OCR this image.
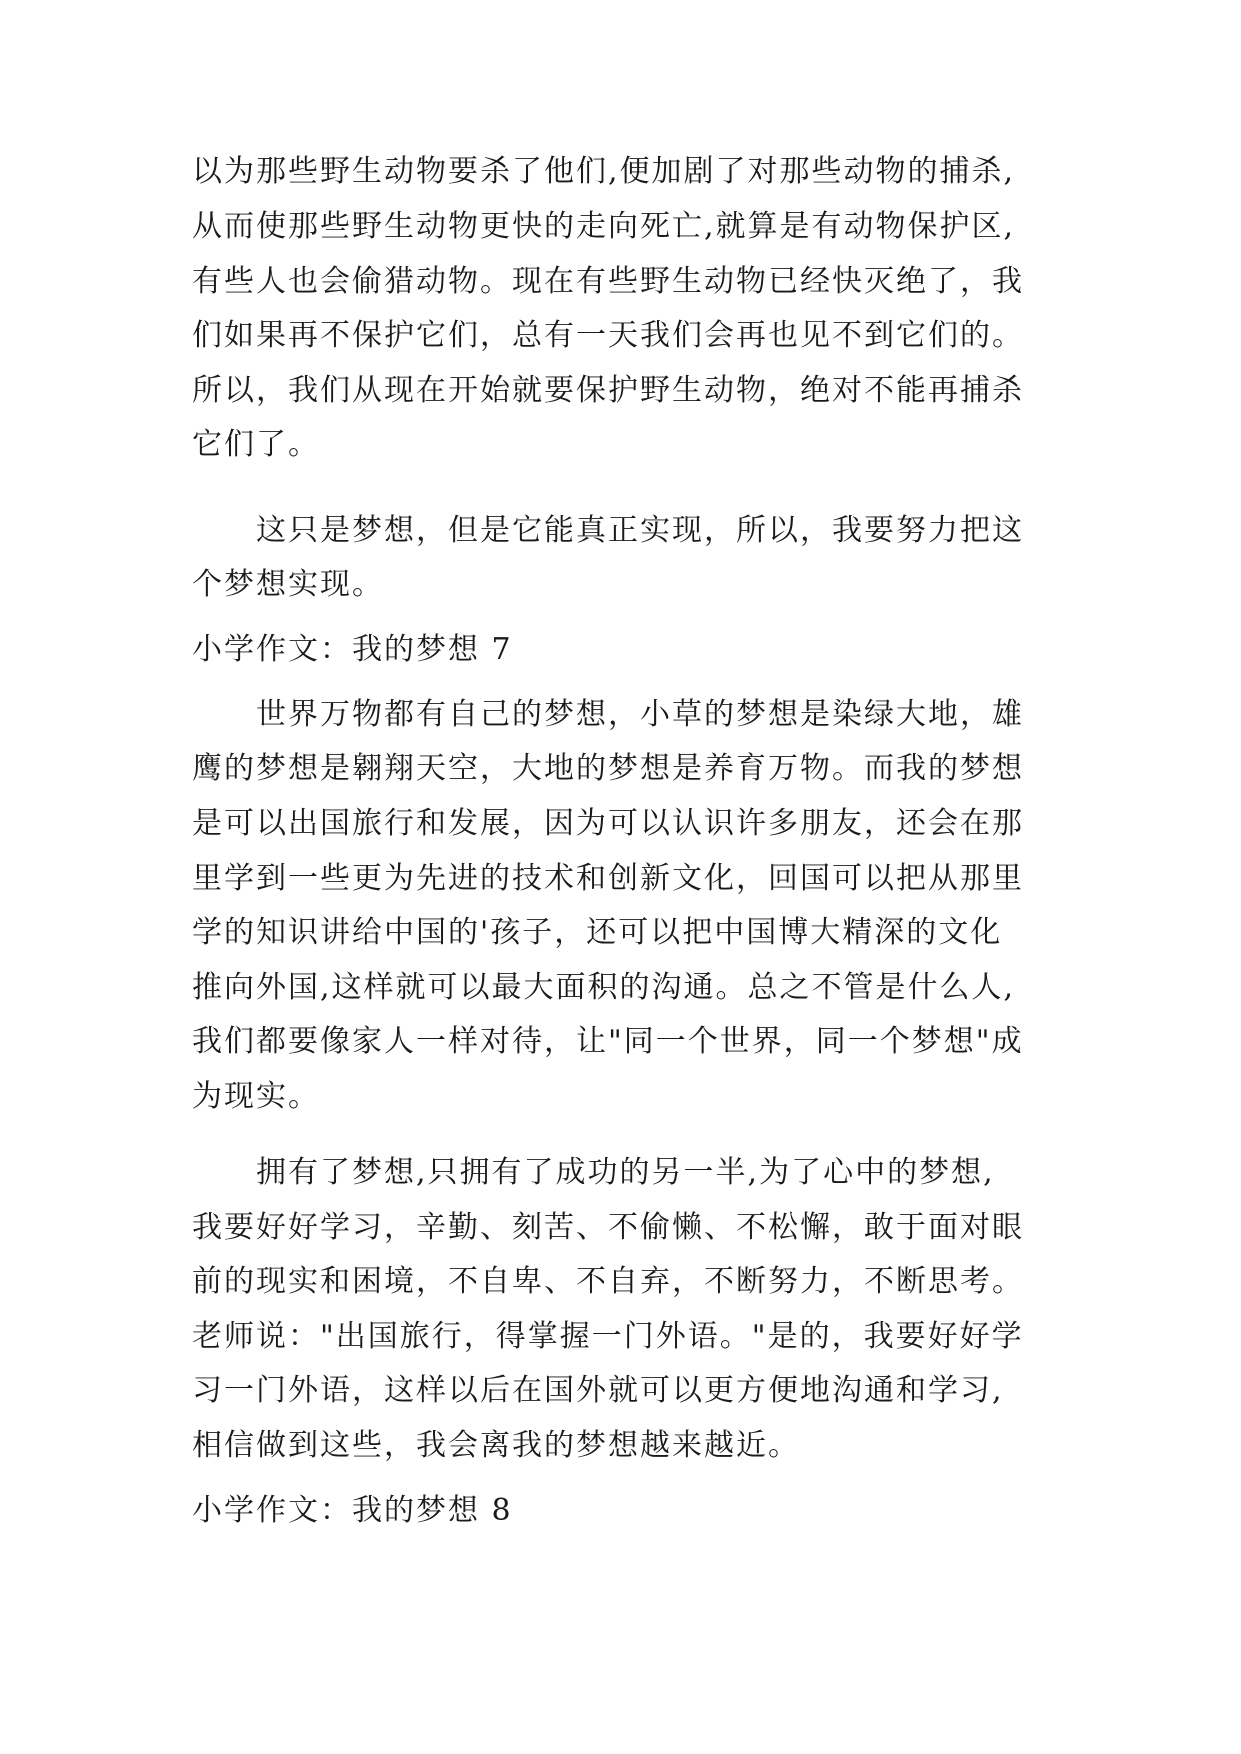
以为那些野生动物要杀了他们,便加剧了对那些动物的捕杀,
从而使那些野生动物更快的走向死亡,就算是有动物保护区,
有些人也会偷猎动物。现在有些野生动物已经快灭绝了，我
们如果再不保护它们，总有一天我们会再也见不到它们的。
所以，我们从现在开始就要保护野生动物，绝对不能再捕杀
它们了。
这只是梦想，但是它能真正实现，所以，我要努力把这
个梦想实现。
小学作文：我的梦想 7
世界万物都有自己的梦想，小草的梦想是染绿大地，雄
鹰的梦想是翱翔天空，大地的梦想是养育万物。而我的梦想
是可以出国旅行和发展，因为可以认识许多朋友，还会在那
里学到一些更为先进的技术和创新文化，回国可以把从那里
学的知识讲给中国的'孩子，还可以把中国博大精深的文化
推向外国,这样就可以最大面积的沟通。总之不管是什么人,
我们都要像家人一样对待，让"同一个世界，同一个梦想"成
为现实。
拥有了梦想,只拥有了成功的另一半,为了心中的梦想,
我要好好学习，辛勤、刻苦、不偷懒、不松懈，敢于面对眼
前的现实和困境，不自卑、不自弃，不断努力，不断思考。
老师说："出国旅行，得掌握一门外语。"是的，我要好好学
习一门外语，这样以后在国外就可以更方便地沟通和学习,
相信做到这些，我会离我的梦想越来越近。
小学作文：我的梦想 8
